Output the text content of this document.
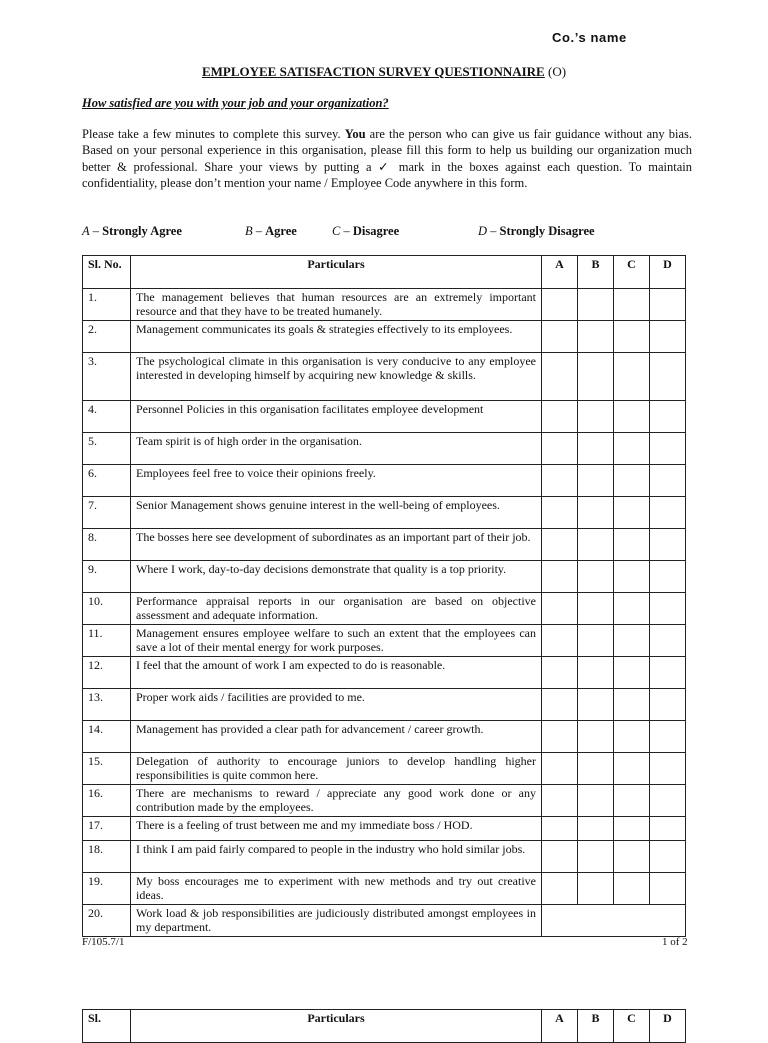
Co.’s name
EMPLOYEE SATISFACTION SURVEY QUESTIONNAIRE (O)
How satisfied are you with your job and your organization?
Please take a few minutes to complete this survey. You are the person who can give us fair guidance without any bias. Based on your personal experience in this organisation, please fill this form to help us building our organization much better & professional. Share your views by putting a ✓ mark in the boxes against each question. To maintain confidentiality, please don’t mention your name / Employee Code anywhere in this form.
A – Strongly Agree	B – Agree	C – Disagree	D – Strongly Disagree
Sl. No.	Particulars	A	B	C	D
1.	The management believes that human resources are an extremely important resource and that they have to be treated humanely.				
2.	Management communicates its goals & strategies effectively to its employees.				
3.	The psychological climate in this organisation is very conducive to any employee interested in developing himself by acquiring new knowledge & skills.				
4.	Personnel Policies in this organisation facilitates employee development				
5.	Team spirit is of high order in the organisation.				
6.	Employees feel free to voice their opinions freely.				
7.	Senior Management shows genuine interest in the well-being of employees.				
8.	The bosses here see development of subordinates as an important part of their job.				
9.	Where I work, day-to-day decisions demonstrate that quality is a top priority.				
10.	Performance appraisal reports in our organisation are based on objective assessment and adequate information.				
11.	Management ensures employee welfare to such an extent that the employees can save a lot of their mental energy for work purposes.				
12.	I feel that the amount of work I am expected to do is reasonable.				
13.	Proper work aids / facilities are provided to me.				
14.	Management has provided a clear path for advancement / career growth.				
15.	Delegation of authority to encourage juniors to develop handling higher responsibilities is quite common here.				
16.	There are mechanisms to reward / appreciate any good work done or any contribution made by the employees.				
17.	There is a feeling of trust between me and my immediate boss / HOD.				
18.	I think I am paid fairly compared to people in the industry who hold similar jobs.				
19.	My boss encourages me to experiment with new methods and try out creative ideas.				
20.	Work load & job responsibilities are judiciously distributed amongst employees in my department.				
F/105.7/1	1 of 2
Sl.	Particulars	A	B	C	D
